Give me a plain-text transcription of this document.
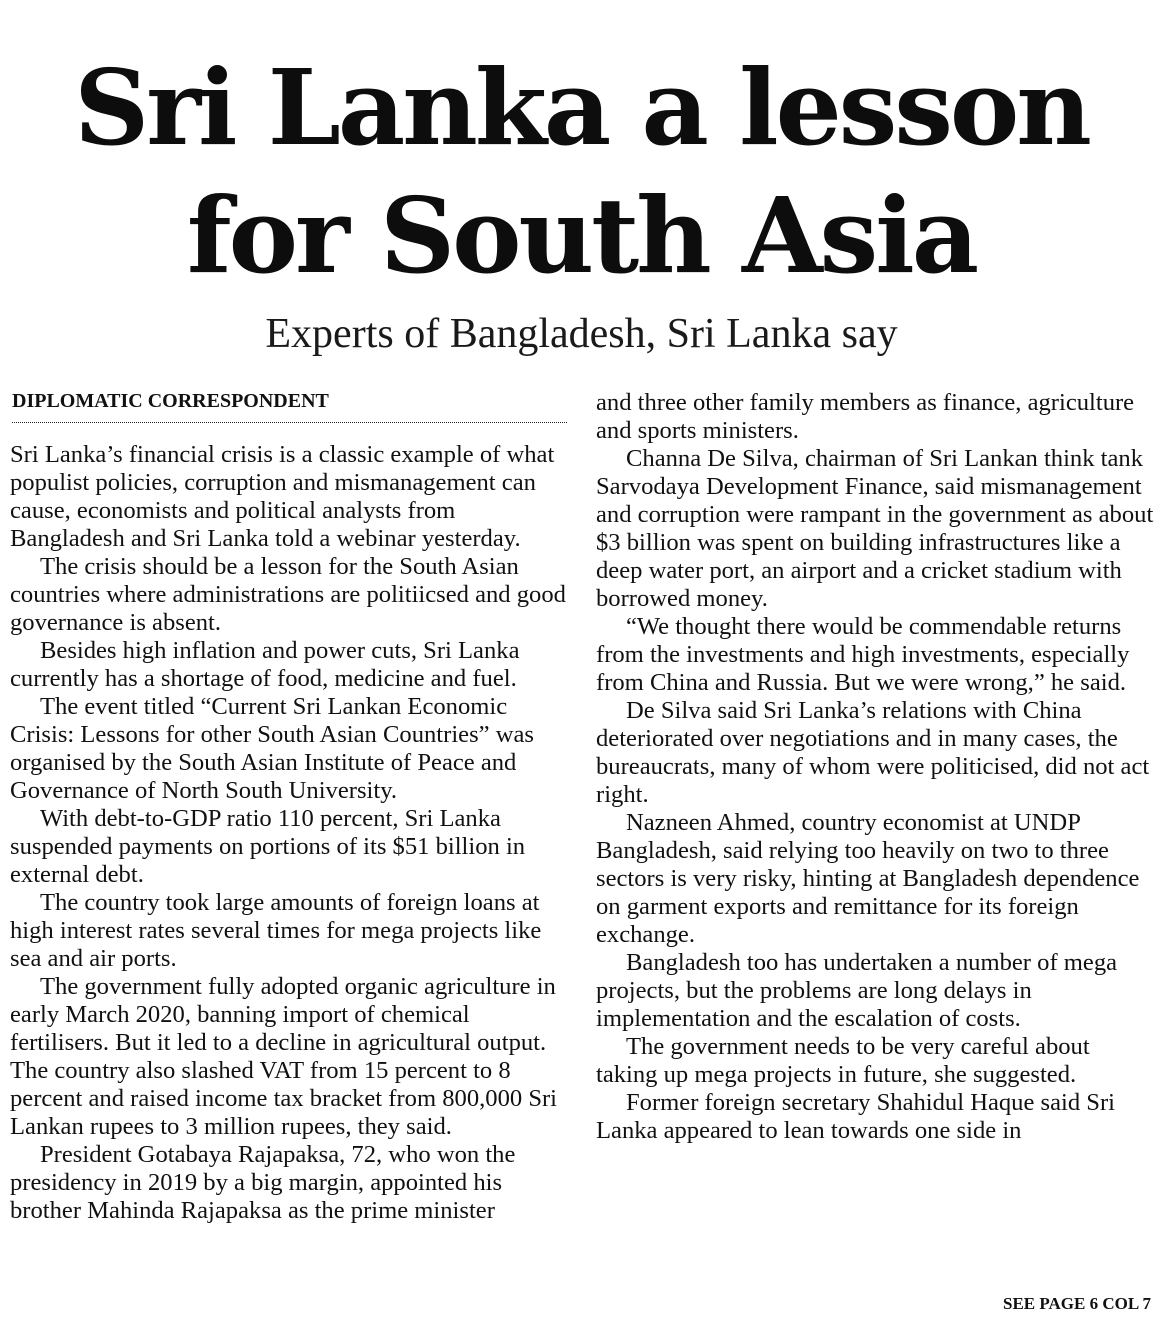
Sri Lanka a lesson
for South Asia
Experts of Bangladesh, Sri Lanka say
DIPLOMATIC CORRESPONDENT

Sri Lanka’s financial crisis is a classic example of what populist policies, corruption and mismanagement can cause, economists and political analysts from Bangladesh and Sri Lanka told a webinar yesterday.

The crisis should be a lesson for the South Asian countries where administrations are politiicsed and good governance is absent.

Besides high inflation and power cuts, Sri Lanka currently has a shortage of food, medicine and fuel.

The event titled “Current Sri Lankan Economic Crisis: Lessons for other South Asian Countries” was organised by the South Asian Institute of Peace and Governance of North South University.

With debt-to-GDP ratio 110 percent, Sri Lanka suspended payments on portions of its $51 billion in external debt.

The country took large amounts of foreign loans at high interest rates several times for mega projects like sea and air ports.

The government fully adopted organic agriculture in early March 2020, banning import of chemical fertilisers. But it led to a decline in agricultural output. The country also slashed VAT from 15 percent to 8 percent and raised income tax bracket from 800,000 Sri Lankan rupees to 3 million rupees, they said.

President Gotabaya Rajapaksa, 72, who won the presidency in 2019 by a big margin, appointed his brother Mahinda Rajapaksa as the prime minister

and three other family members as finance, agriculture and sports ministers.

Channa De Silva, chairman of Sri Lankan think tank Sarvodaya Development Finance, said mismanagement and corruption were rampant in the government as about $3 billion was spent on building infrastructures like a deep water port, an airport and a cricket stadium with borrowed money.

“We thought there would be commendable returns from the investments and high investments, especially from China and Russia. But we were wrong,” he said.

De Silva said Sri Lanka’s relations with China deteriorated over negotiations and in many cases, the bureaucrats, many of whom were politicised, did not act right.

Nazneen Ahmed, country economist at UNDP Bangladesh, said relying too heavily on two to three sectors is very risky, hinting at Bangladesh dependence on garment exports and remittance for its foreign exchange.

Bangladesh too has undertaken a number of mega projects, but the problems are long delays in implementation and the escalation of costs.

The government needs to be very careful about taking up mega projects in future, she suggested.

Former foreign secretary Shahidul Haque said Sri Lanka appeared to lean towards one side in

SEE PAGE 6 COL 7
